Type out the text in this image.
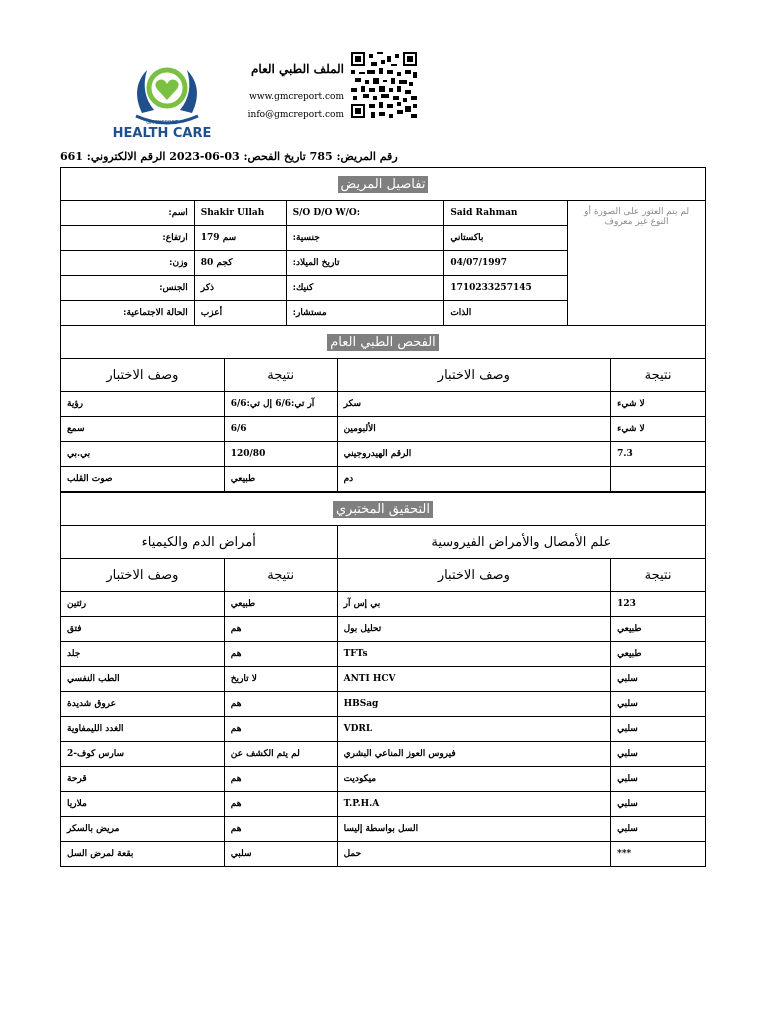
GMCREPORT
HEALTH CARE
الملف الطبي العام
www.gmcreport.com
info@gmcreport.com
رقم المريض: 785 تاريخ الفحص: 03-06-2023 الرقم الالكتروني: 661
تفاصيل المريض				
:اسم	Shakir Ullah	S/O D/O W/O:	Said Rahman	لم يتم العثور على الصورة أو النوع غير معروف
:ارتفاع	179 سم	:جنسية	باكستاني	
:وزن	80 كجم	:تاريخ الميلاد	04/07/1997	
:الجنس	ذكر	:كنيك	1710233257145	
:الحالة الاجتماعية	أعزب	:مستشار	الذات	
الفحص الطبي العام			
وصف الاختبار	نتيجة	وصف الاختبار	نتيجة
رؤية	آر تي:6/6 إل تي:6/6	سكر	لا شيء
سمع	6/6	الألبومين	لا شيء
بي.بي	120/80	الرقم الهيدروجيني	7.3
صوت القلب	طبيعي	دم	
التحقيق المختبري			
أمراض الدم والكيمياء		علم الأمصال والأمراض الفيروسية	
وصف الاختبار	نتيجة	وصف الاختبار	نتيجة
رئتين	طبيعي	بي إس آر	123
فتق	هم	تحليل بول	طبيعي
جلد	هم	TFTs	طبيعي
الطب النفسي	لا تاريخ	ANTI HCV	سلبي
عروق شديدة	هم	HBSag	سلبي
الغدد الليمفاوية	هم	VDRL	سلبي
سارس كوف-2	لم يتم الكشف عن	فيروس العوز المناعي البشري	سلبي
قرحة	هم	ميكوديت	سلبي
ملاريا	هم	T.P.H.A	سلبي
مريض بالسكر	هم	السل بواسطة إليسا	سلبي
بقعة لمرض السل	سلبي	حمل	***
